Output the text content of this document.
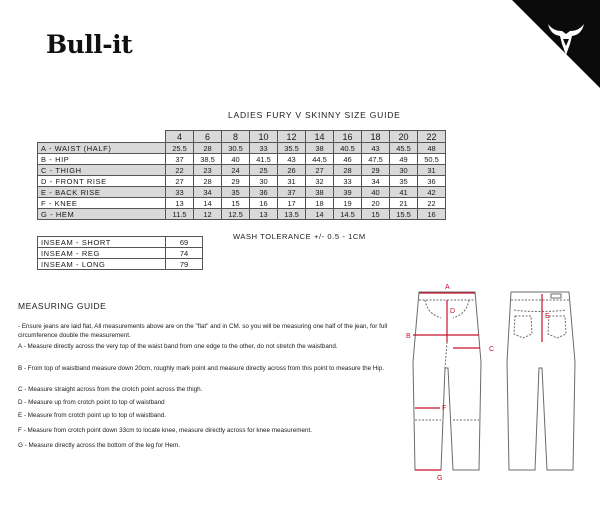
Bull-it
LADIES FURY V SKINNY SIZE GUIDE
	4	6	8	10	12	14	16	18	20	22
A - WAIST (HALF)	25.5	28	30.5	33	35.5	38	40.5	43	45.5	48
B - HIP	37	38.5	40	41.5	43	44.5	46	47.5	49	50.5
C - THIGH	22	23	24	25	26	27	28	29	30	31
D - FRONT RISE	27	28	29	30	31	32	33	34	35	36
E - BACK RISE	33	34	35	36	37	38	39	40	41	42
F - KNEE	13	14	15	16	17	18	19	20	21	22
G - HEM	11.5	12	12.5	13	13.5	14	14.5	15	15.5	16
INSEAM - SHORT	69
INSEAM - REG	74
INSEAM - LONG	79
WASH TOLERANCE +/- 0.5 - 1CM
MEASURING GUIDE
- Ensure jeans are laid flat, All measurements above are on the "flat" and in CM. so you will be measuring one half of the jean, for full circumference double the measurement.
A - Measure directly across the very top of the waist band from one edge to the other, do not stretch the waistband.
B - From top of waistband measure down 20cm, roughly mark point and measure directly across from this point to measure the Hip.
C - Measure straight across from the crotch point across the thigh.
D - Measure up from crotch point to top of waistband
E - Measure from crotch point up to top of waistband.
F - Measure from crotch point down 33cm to locate knee, measure directly across for knee measurement.
G - Measure directly across the bottom of the leg for Hem.
A
B
C
D
E
F
G
